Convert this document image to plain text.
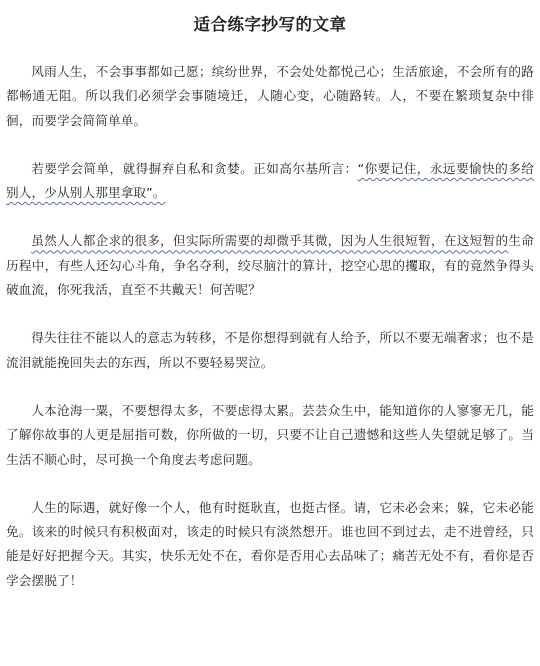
适合练字抄写的文章

风雨人生，不会事事都如己愿；缤纷世界，不会处处都悦己心；生活旅途，不会所有的路都畅通无阻。所以我们必须学会事随境迁，人随心变，心随路转。人，不要在繁琐复杂中徘徊，而要学会简简单单。

若要学会简单，就得摒弃自私和贪婪。正如高尔基所言：“你要记住，永远要愉快的多给别人，少从别人那里拿取”。

虽然人人都企求的很多，但实际所需要的却微乎其微，因为人生很短暂，在这短暂的生命历程中，有些人还勾心斗角，争名夺利，绞尽脑汁的算计，挖空心思的攫取，有的竟然争得头破血流，你死我活，直至不共戴天！何苦呢？

得失往往不能以人的意志为转移，不是你想得到就有人给予，所以不要无端奢求；也不是流泪就能挽回失去的东西，所以不要轻易哭泣。

人本沧海一粟，不要想得太多，不要虑得太累。芸芸众生中，能知道你的人寥寥无几，能了解你故事的人更是屈指可数，你所做的一切，只要不让自己遗憾和这些人失望就足够了。当生活不顺心时，尽可换一个角度去考虑问题。

人生的际遇，就好像一个人，他有时挺耿直，也挺古怪。请，它未必会来；躲，它未必能免。该来的时候只有积极面对，该走的时候只有淡然想开。谁也回不到过去，走不进曾经，只能是好好把握今天。其实，快乐无处不在，看你是否用心去品味了；痛苦无处不有，看你是否学会摆脱了！
